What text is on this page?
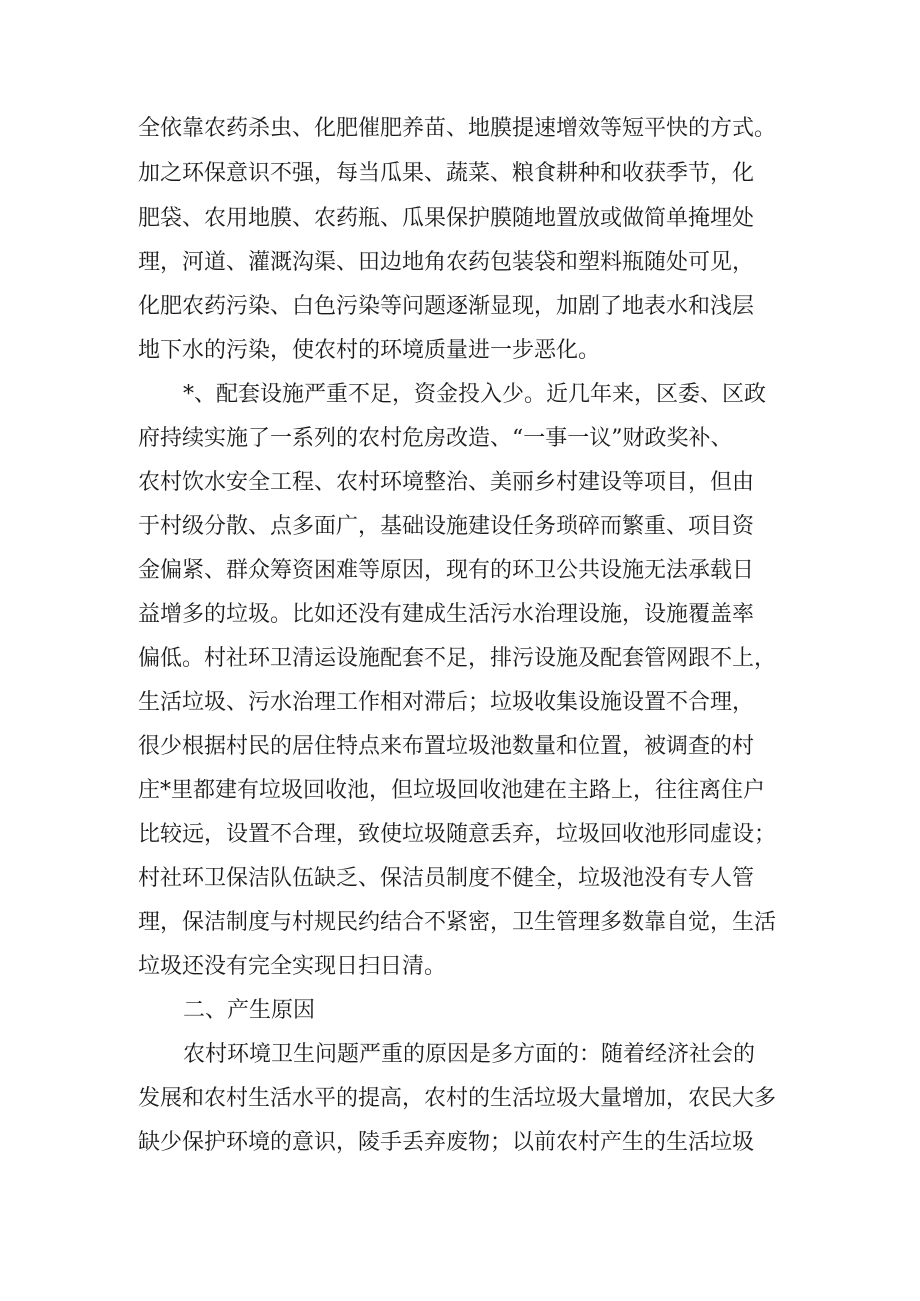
全依靠农药杀虫、化肥催肥养苗、地膜提速增效等短平快的方式。
加之环保意识不强，每当瓜果、蔬菜、粮食耕种和收获季节，化
肥袋、农用地膜、农药瓶、瓜果保护膜随地置放或做简单掩埋处
理，河道、灌溉沟渠、田边地角农药包装袋和塑料瓶随处可见，
化肥农药污染、白色污染等问题逐渐显现，加剧了地表水和浅层
地下水的污染，使农村的环境质量进一步恶化。
*、配套设施严重不足，资金投入少。近几年来，区委、区政
府持续实施了一系列的农村危房改造、“一事一议”财政奖补、
农村饮水安全工程、农村环境整治、美丽乡村建设等项目，但由
于村级分散、点多面广，基础设施建设任务琐碎而繁重、项目资
金偏紧、群众筹资困难等原因，现有的环卫公共设施无法承载日
益增多的垃圾。比如还没有建成生活污水治理设施，设施覆盖率
偏低。村社环卫清运设施配套不足，排污设施及配套管网跟不上，
生活垃圾、污水治理工作相对滞后；垃圾收集设施设置不合理，
很少根据村民的居住特点来布置垃圾池数量和位置，被调查的村
庄*里都建有垃圾回收池，但垃圾回收池建在主路上，往往离住户
比较远，设置不合理，致使垃圾随意丢弃，垃圾回收池形同虚设；
村社环卫保洁队伍缺乏、保洁员制度不健全，垃圾池没有专人管
理，保洁制度与村规民约结合不紧密，卫生管理多数靠自觉，生活
垃圾还没有完全实现日扫日清。
二、产生原因
农村环境卫生问题严重的原因是多方面的：随着经济社会的
发展和农村生活水平的提高，农村的生活垃圾大量增加，农民大多
缺少保护环境的意识，陵手丢弃废物；以前农村产生的生活垃圾
